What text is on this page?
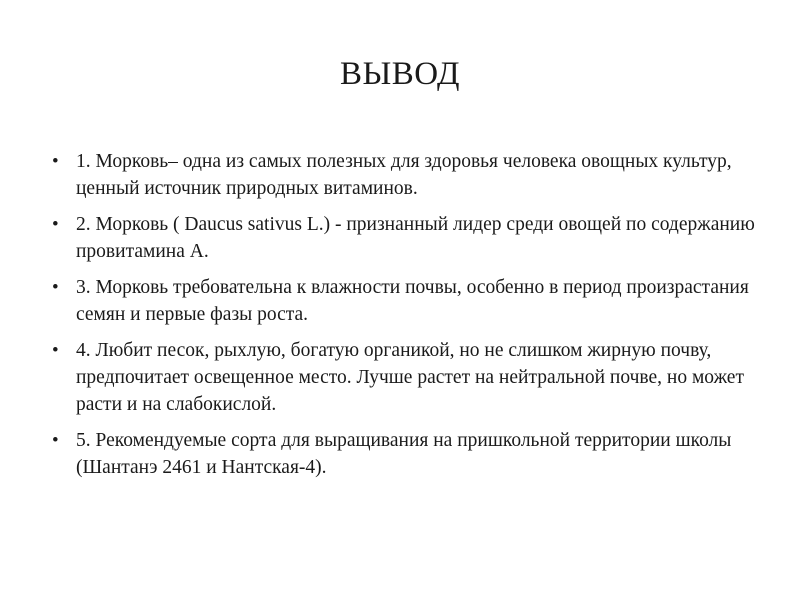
ВЫВОД
• 1. Морковь– одна из самых полезных для здоровья человека овощных культур, ценный источник природных витаминов.
• 2. Морковь ( Daucus sativus L.) - признанный лидер среди овощей по содержанию провитамина А.
• 3. Морковь требовательна к влажности почвы, особенно в период произрастания семян и первые фазы роста.
• 4. Любит песок, рыхлую, богатую органикой, но не слишком жирную почву, предпочитает освещенное место. Лучше растет на нейтральной почве, но может расти и на слабокислой.
• 5. Рекомендуемые сорта для выращивания на пришкольной территории школы (Шантанэ 2461 и Нантская-4).
